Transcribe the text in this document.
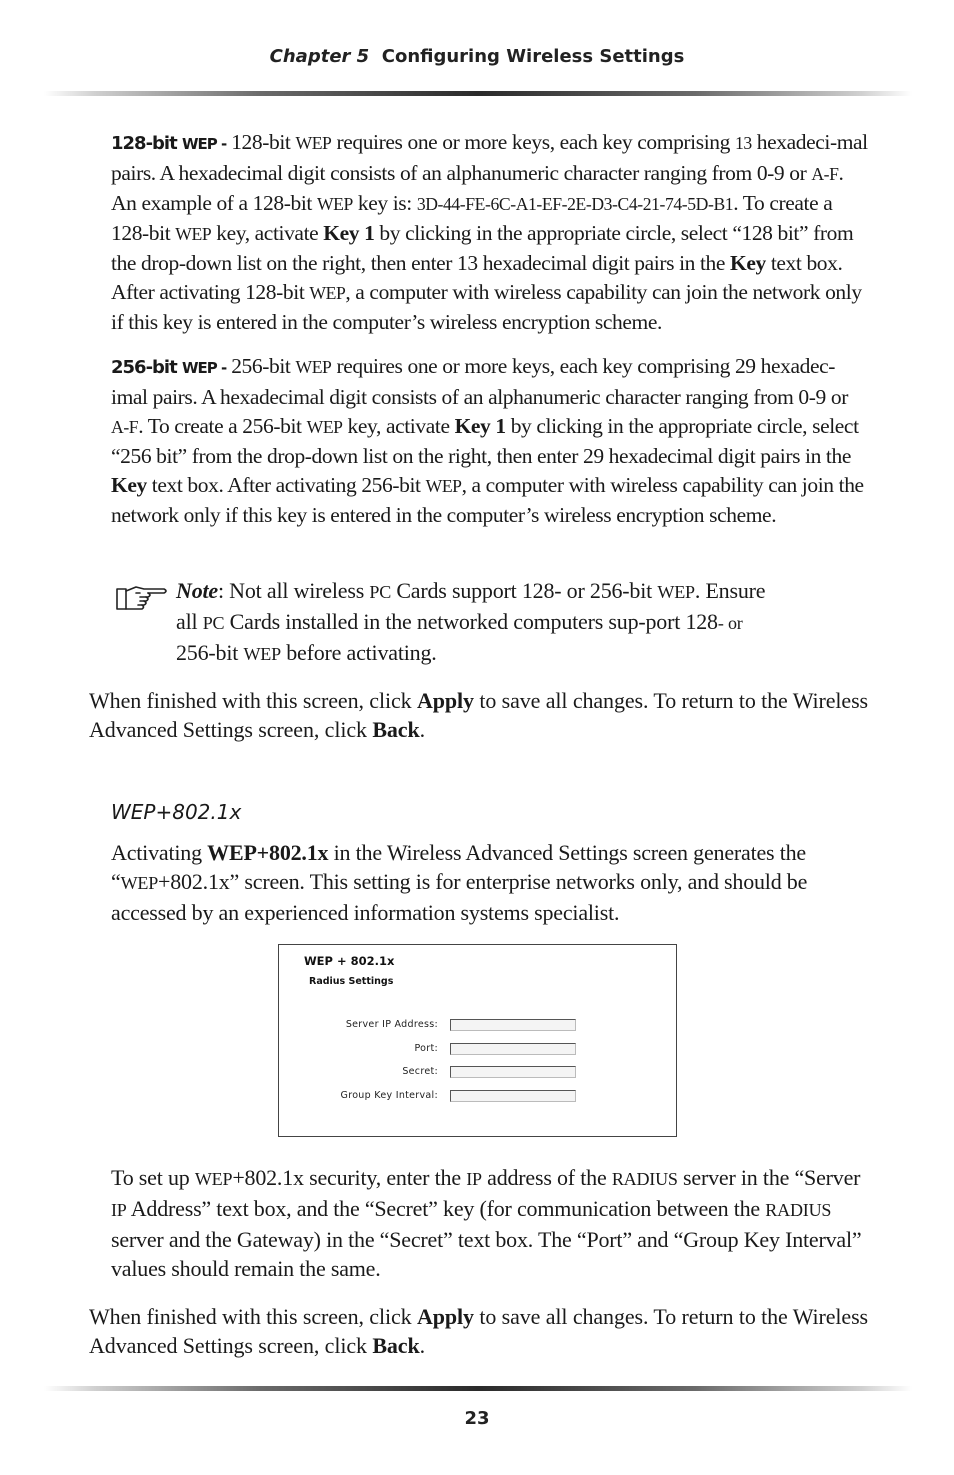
Chapter 5 Configuring Wireless Settings

128-bit WEP - 128-bit WEP requires one or more keys, each key comprising 13 hexadeci-mal pairs. A hexadecimal digit consists of an alphanumeric character ranging from 0-9 or A-F. An example of a 128-bit WEP key is: 3D-44-FE-6C-A1-EF-2E-D3-C4-21-74-5D-B1. To create a 128-bit WEP key, activate Key 1 by clicking in the appropriate circle, select “128 bit” from the drop-down list on the right, then enter 13 hexadecimal digit pairs in the Key text box. After activating 128-bit WEP, a computer with wireless capability can join the network only if this key is entered in the computer’s wireless encryption scheme.

256-bit WEP - 256-bit WEP requires one or more keys, each key comprising 29 hexadec-imal pairs. A hexadecimal digit consists of an alphanumeric character ranging from 0-9 or A-F. To create a 256-bit WEP key, activate Key 1 by clicking in the appropriate circle, select “256 bit” from the drop-down list on the right, then enter 29 hexadecimal digit pairs in the Key text box. After activating 256-bit WEP, a computer with wireless capability can join the network only if this key is entered in the computer’s wireless encryption scheme.

Note: Not all wireless PC Cards support 128- or 256-bit WEP. Ensure all PC Cards installed in the networked computers sup-port 128- or 256-bit WEP before activating.

When finished with this screen, click Apply to save all changes. To return to the Wireless Advanced Settings screen, click Back.

WEP+802.1x

Activating WEP+802.1x in the Wireless Advanced Settings screen generates the “WEP+802.1x” screen. This setting is for enterprise networks only, and should be accessed by an experienced information systems specialist.

WEP + 802.1x
Radius Settings
Server IP Address:
Port:
Secret:
Group Key Interval:

To set up WEP+802.1x security, enter the IP address of the RADIUS server in the “Server IP Address” text box, and the “Secret” key (for communication between the RADIUS server and the Gateway) in the “Secret” text box. The “Port” and “Group Key Interval” values should remain the same.

When finished with this screen, click Apply to save all changes. To return to the Wireless Advanced Settings screen, click Back.

23
